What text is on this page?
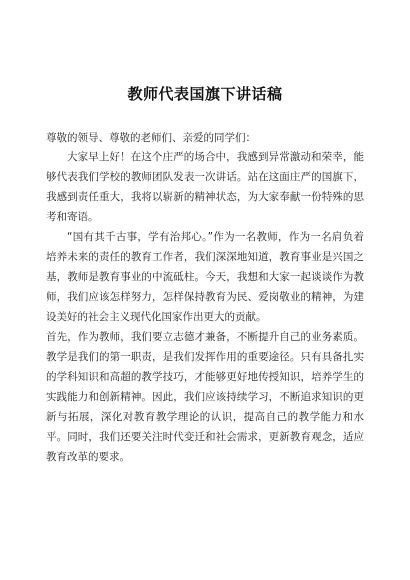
教师代表国旗下讲话稿

尊敬的领导、尊敬的老师们、亲爱的同学们：

大家早上好！在这个庄严的场合中，我感到异常激动和荣幸，能够代表我们学校的教师团队发表一次讲话。站在这面庄严的国旗下，我感到责任重大，我将以崭新的精神状态，为大家奉献一份特殊的思考和寄语。

“国有其千古事，学有治邦心。”作为一名教师，作为一名肩负着培养未来的责任的教育工作者，我们深深地知道，教育事业是兴国之基，教师是教育事业的中流砥柱。今天，我想和大家一起谈谈作为教师，我们应该怎样努力，怎样保持教育为民、爱岗敬业的精神，为建设美好的社会主义现代化国家作出更大的贡献。

首先，作为教师，我们要立志德才兼备，不断提升自己的业务素质。教学是我们的第一职责，是我们发挥作用的重要途径。只有具备扎实的学科知识和高超的教学技巧，才能够更好地传授知识，培养学生的实践能力和创新精神。因此，我们应该持续学习，不断追求知识的更新与拓展，深化对教育教学理论的认识，提高自己的教学能力和水平。同时，我们还要关注时代变迁和社会需求，更新教育观念，适应教育改革的要求。
